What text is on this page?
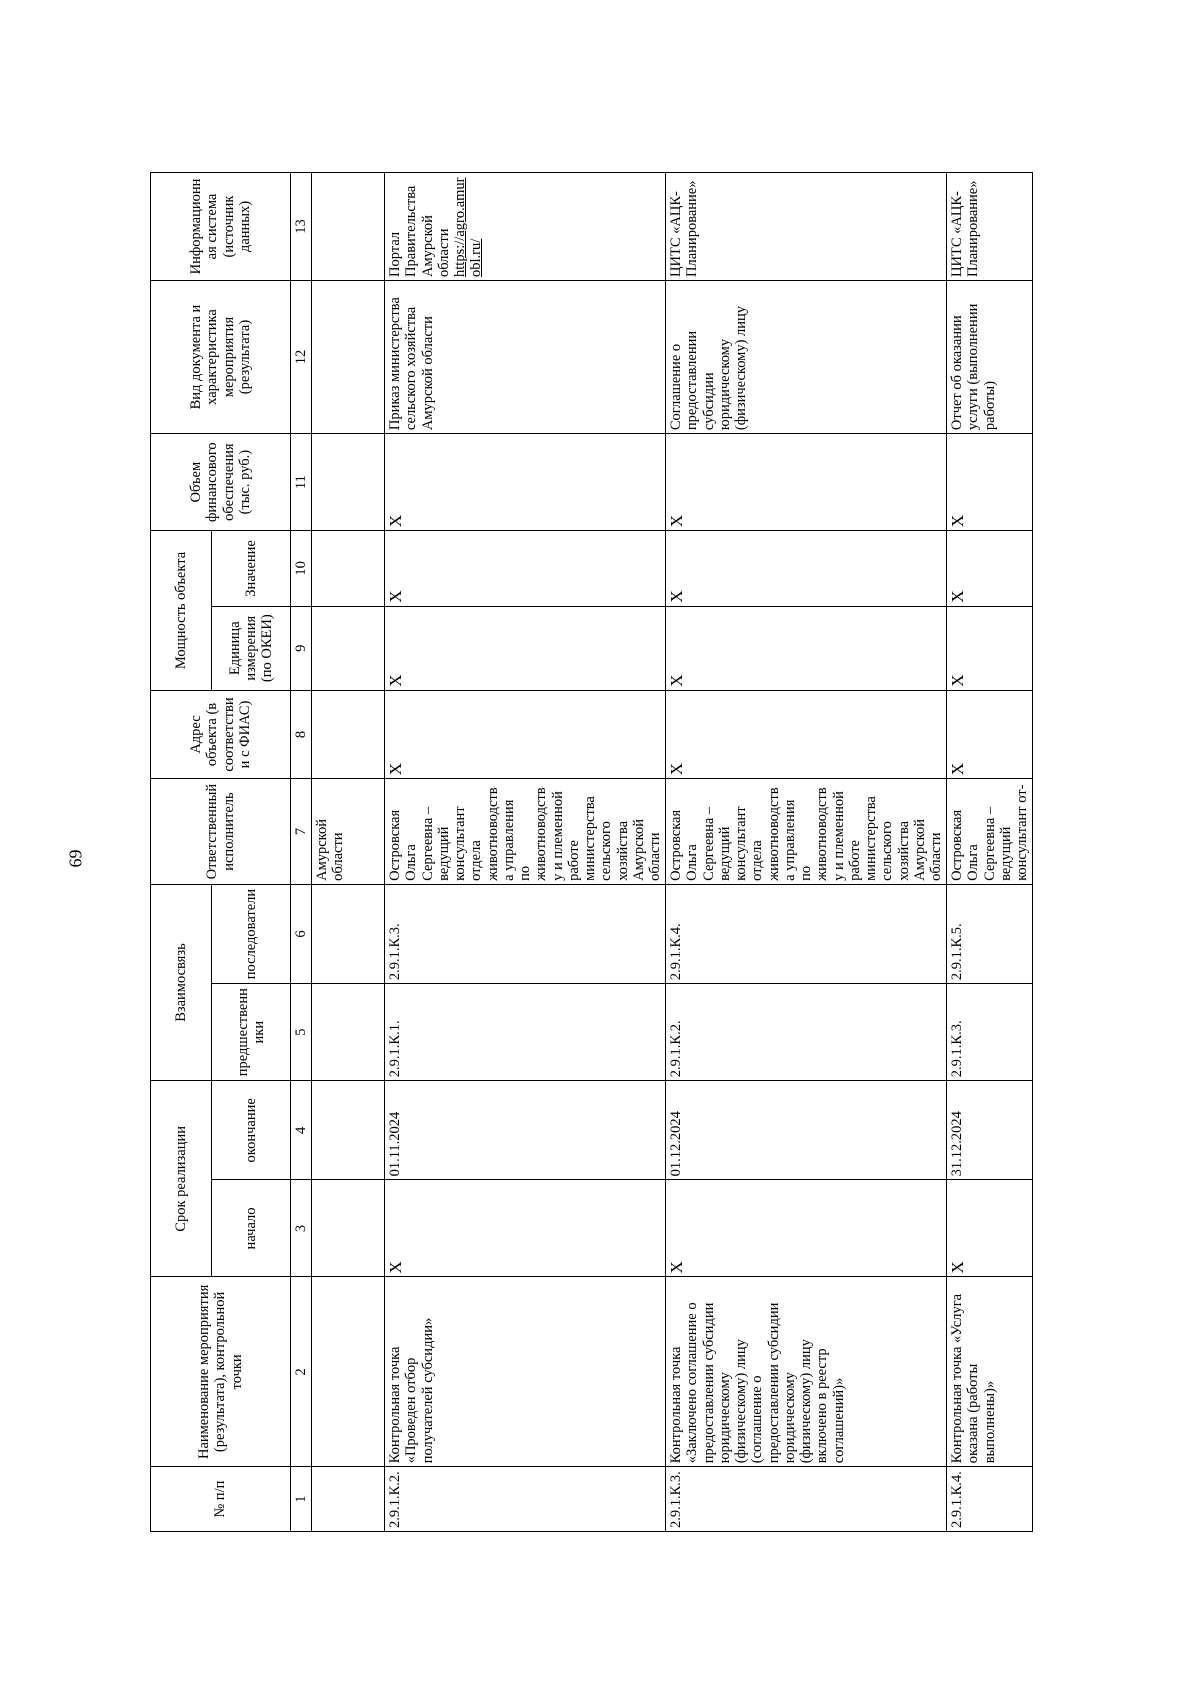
69
№ п/п	Наименование мероприятия (результата), контрольной точки	Срок реализации		Взаимосвязь		Ответственный исполнитель	Адрес объекта (в соответствии с ФИАС)	Мощность объекта		Объем финансового обеспечения (тыс. руб.)	Вид документа и характеристика мероприятия (результата)	Информационная система (источник данных)
		начало	окончание	предшественники	последователи			Единица измерения (по ОКЕИ)	Значение			
1	2	3	4	5	6	7	8	9	10	11	12	13
						Амурской области						
2.9.1.К.2.	Контрольная точка «Проведен отбор получателей субсидии»	Х	01.11.2024	2.9.1.К.1.	2.9.1.К.3.	Островская Ольга Сергеевна – ведущий консультант отдела животноводства управления по животноводству и племенной работе министерства сельского хозяйства Амурской области	Х	Х	Х	Х	Приказ министерства сельского хозяйства Амурской области	Портал Правительства Амурской области
https://agro.amurobl.ru/
2.9.1.К.3.	Контрольная точка «Заключено соглашение о предоставлении субсидии юридическому (физическому) лицу (соглашение о предоставлении субсидии юридическому (физическому) лицу включено в реестр соглашений)»	Х	01.12.2024	2.9.1.К.2.	2.9.1.К.4.	Островская Ольга Сергеевна – ведущий консультант отдела животноводства управления по животноводству и племенной работе министерства сельского хозяйства Амурской области	Х	Х	Х	Х	Соглашение о предоставлении субсидии юридическому (физическому) лицу	ЦИТС «АЦК-Планирование»
2.9.1.К.4.	Контрольная точка «Услуга оказана (работы выполнены)»	Х	31.12.2024	2.9.1.К.3.	2.9.1.К.5.	Островская Ольга Сергеевна – ведущий консультант от-	Х	Х	Х	Х	Отчет об оказании услуги (выполнении работы)	ЦИТС «АЦК-Планирование»
